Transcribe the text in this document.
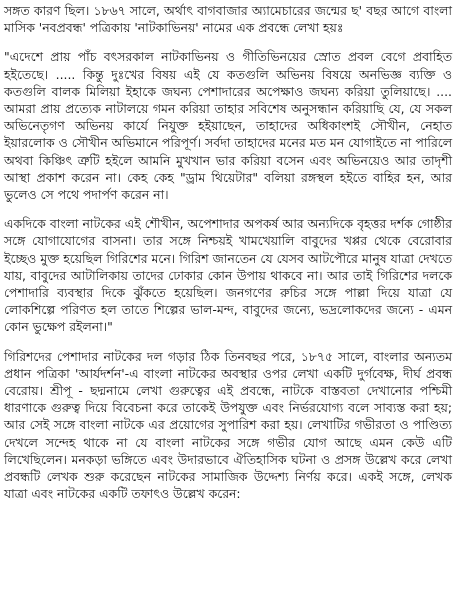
সঙ্গত কারণ ছিল। ১৮৬৭ সালে, অর্থাৎ বাগবাজার অ্যামেচারের জন্মের ছ' বছর আগে বাংলা মাসিক 'নবপ্রবন্ধ' পত্রিকায় 'নাটকাভিনয়' নামের এক প্রবন্ধে লেখা হয়ঃ

"এদেশে প্রায় পাঁচ বৎসরকাল নাটকাভিনয় ও গীতিভিনয়ের স্রোত প্রবল বেগে প্রবাহিত হইতেছে। ..... কিন্তু দুঃখের বিষয় এই যে কতগুলি অভিনয় বিষয়ে অনভিজ্ঞ ব্যক্তি ও কতগুলি বালক মিলিয়া ইহাকে জঘন্য পেশাদারের অপেক্ষাও জঘন্য করিয়া তুলিয়াছে। .... আমরা প্রায় প্রত্যেক নাটালয়ে গমন করিয়া তাহার সবিশেষ অনুসন্ধান করিয়াছি যে, যে সকল অভিনেতৃগণ অভিনয় কার্যে নিযুক্ত হইয়াছেন, তাহাদের অধিকাংশই সৌখীন, নেহাত ইয়ারলোক ও সৌখীন অভিমানে পরিপূর্ণ। সর্বদা তাহাদের মনের মত মন যোগাইতে না পারিলে অথবা কিঞ্চিৎ ত্রুটি হইলে আমনি মুখখান ভার করিয়া বসেন এবং অভিনয়েও আর তাদৃশী আস্থা প্রকাশ করেন না। কেহ কেহ "ড্রাম থিয়েটার" বলিয়া রঙ্গস্থল হইতে বাহির হন, আর ভুলেও সে পথে পদার্পণ করেন না।

একদিকে বাংলা নাটকের এই শৌখীন, অপেশাদার অপকর্ষ আর অন্যদিকে বৃহত্তর দর্শক গোষ্ঠীর সঙ্গে যোগাযোগের বাসনা। তার সঙ্গে নিশ্চয়ই খামখেয়ালি বাবুদের খপ্পর থেকে বেরোবার ইচ্ছেও মুক্ত হয়েছিল গিরিশের মনে। গিরিশ জানতেন যে যেসব আটপৌরে মানুষ যাত্রা দেখতে যায়, বাবুদের আটালিকায় তাদের ঢোকার কোন উপায় থাকবে না। আর তাই গিরিশের দলকে পেশাদারি ব্যবস্থার দিকে ঝুঁকতে হয়েছিল। জনগণের রুচির সঙ্গে পাল্লা দিয়ে যাত্রা যে লোকশিল্পে পরিণত হল তাতে শিল্পের ভাল-মন্দ, বাবুদের জন্যে, ভদ্রলোকদের জন্যে - এমন কোন ভুক্ষেপ রইলনা।"

গিরিশদের পেশাদার নাটকের দল গড়ার ঠিক তিনবছর পরে, ১৮৭৫ সালে, বাংলার অন্যতম প্রধান পত্রিকা 'আর্যদর্শন'-এ বাংলা নাটকের অবস্থার ওপর লেখা একটি দুর্গবেক্ষ, দীর্ঘ প্রবন্ধ বেরোয়। শ্রীপূ - ছদ্মনামে লেখা গুরুত্বের এই প্রবন্ধে, নাটকে বাস্তবতা দেখানোর পশ্চিমী ধারণাকে গুরুত্ব দিয়ে বিবেচনা করে তাকেই উপযুক্ত এবং নির্ভরযোগ্য বলে সাব্যস্ত করা হয়; আর সেই সঙ্গে বাংলা নাটকে এর প্রয়োগের সুপারিশ করা হয়। লেখাটির গভীরতা ও পাণ্ডিত্য দেখলে সন্দেহ থাকে না যে বাংলা নাটকের সঙ্গে গভীর যোগ আছে এমন কেউ এটি লিখেছিলেন। মনকড়া ভঙ্গিতে এবং উদারভাবে ঐতিহাসিক ঘটনা ও প্রসঙ্গ উল্লেখ করে লেখা প্রবন্ধটি লেখক শুরু করেছেন নাটকের সামাজিক উদ্দেশ্য নির্ণয় করে। একই সঙ্গে, লেখক যাত্রা এবং নাটকের একটি তফাৎও উল্লেখ করেন:
